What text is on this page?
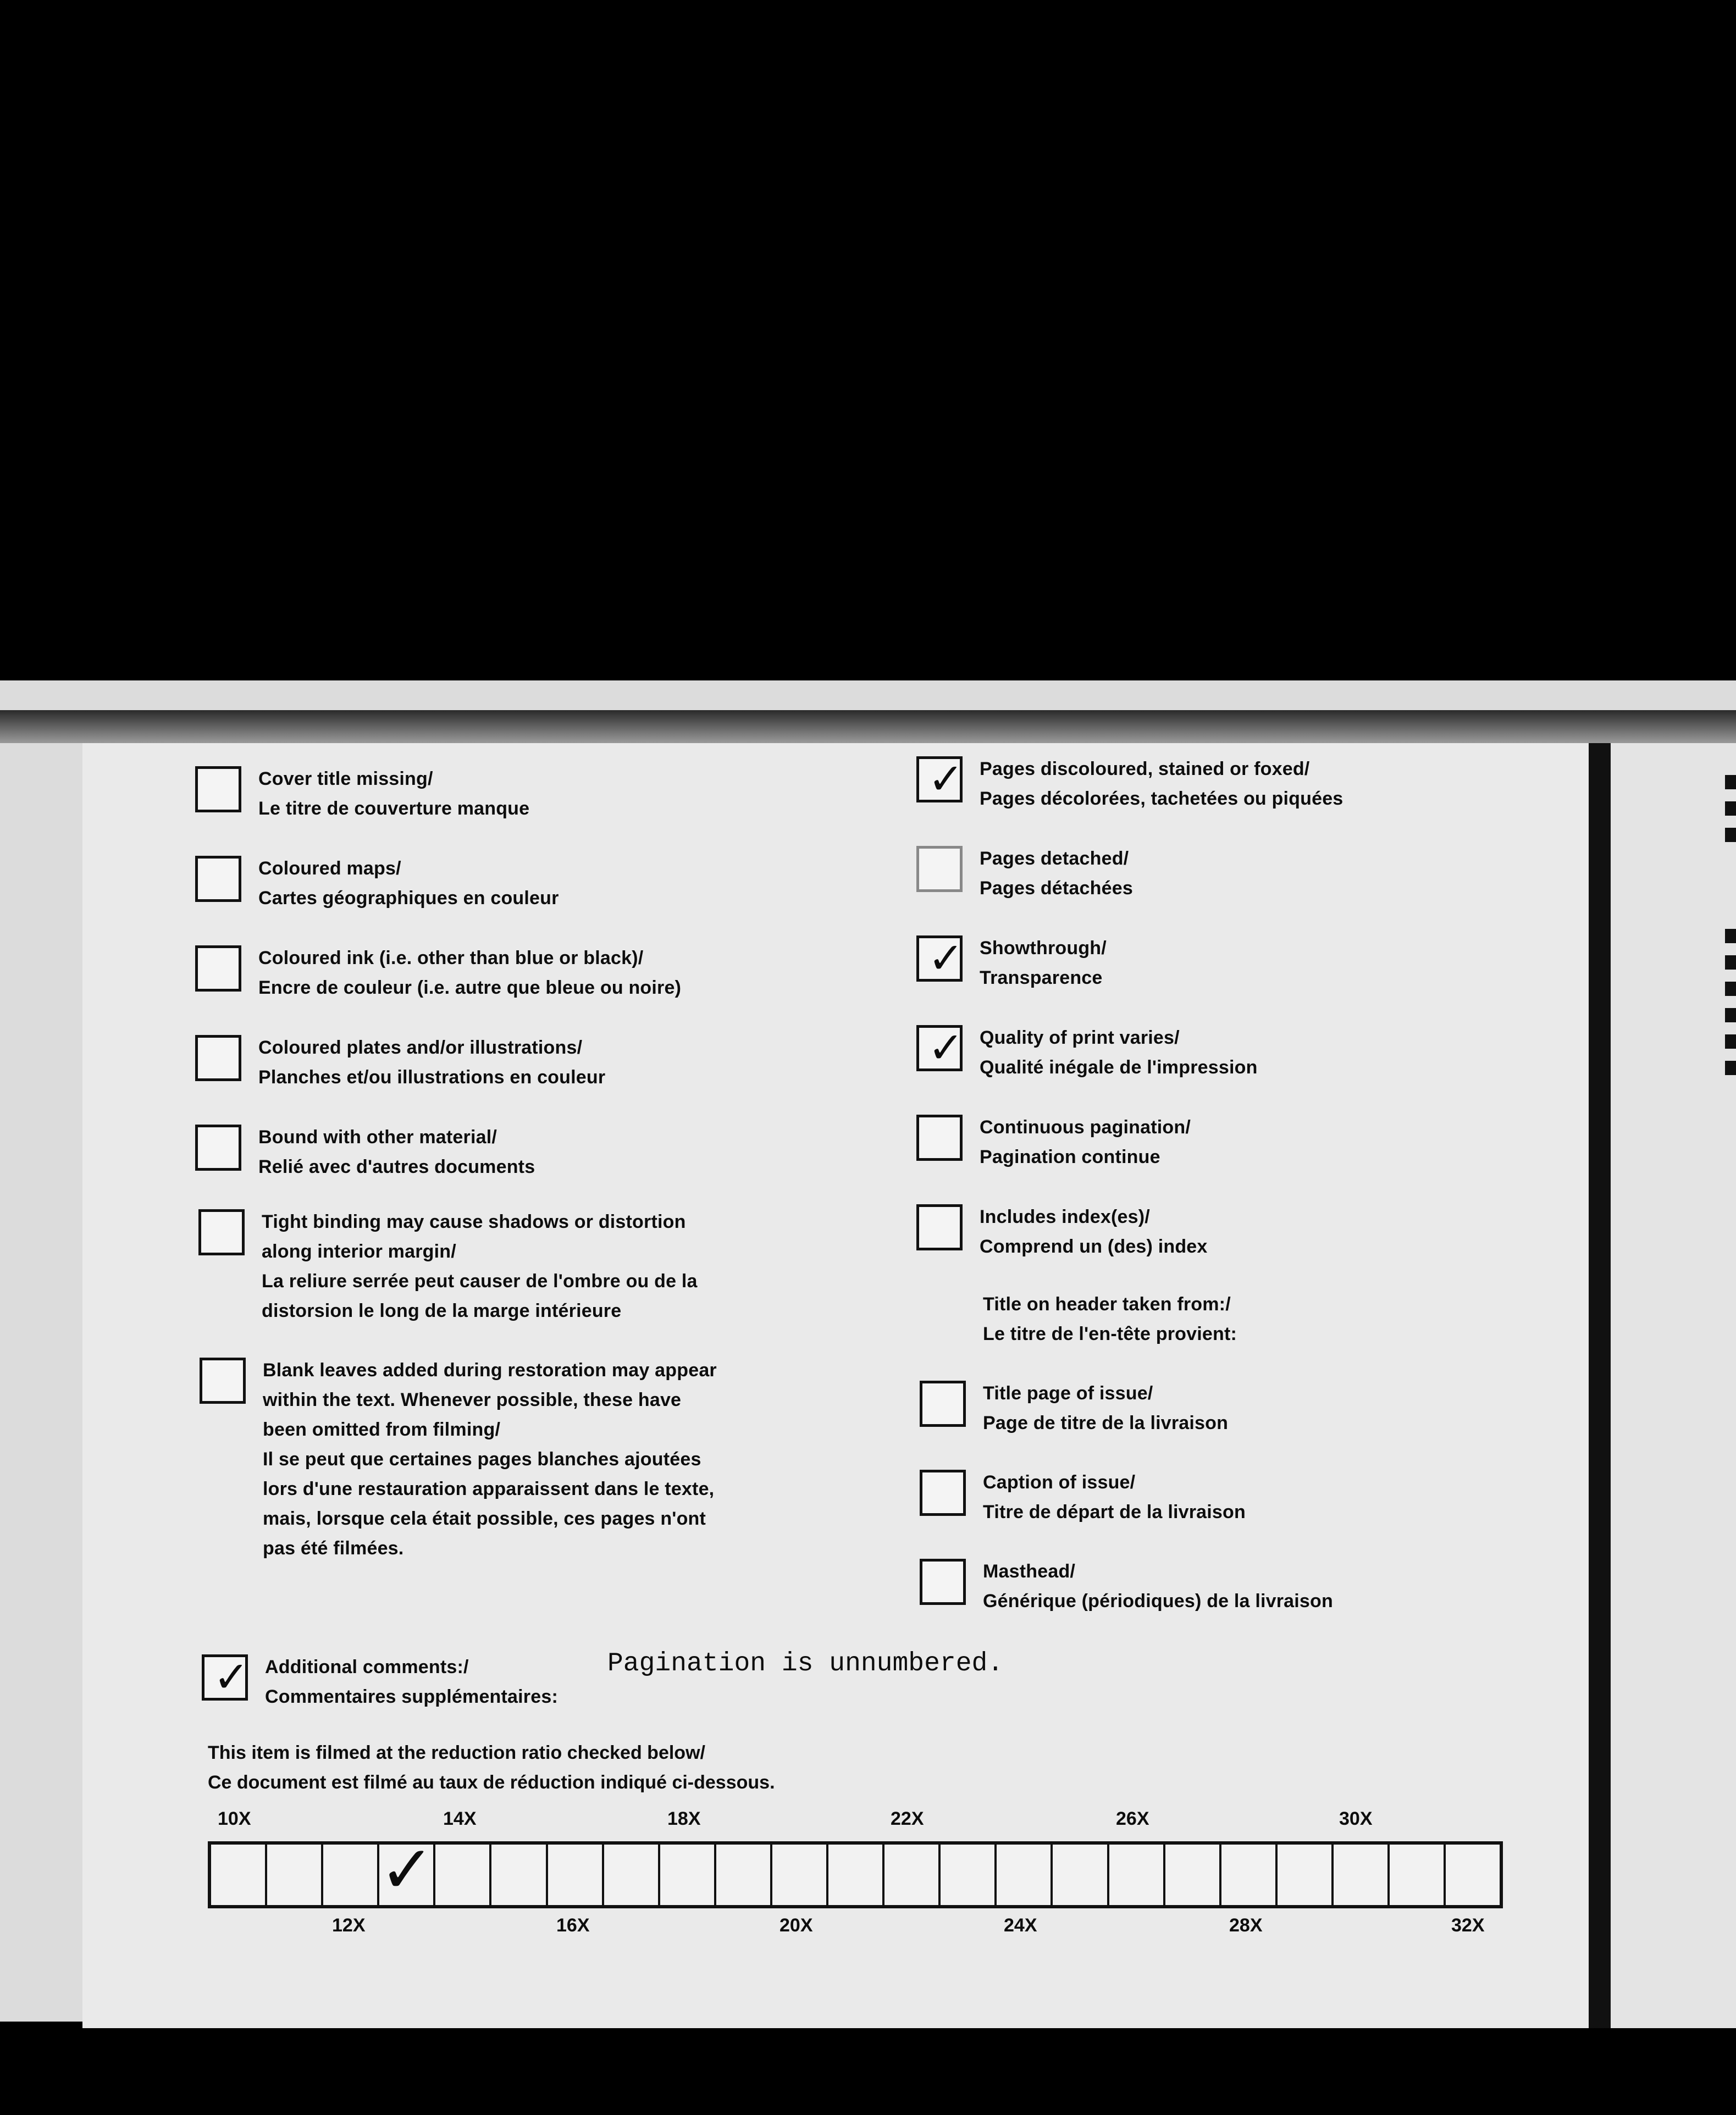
Cover title missing/
Le titre de couverture manque
Coloured maps/
Cartes géographiques en couleur
Coloured ink (i.e. other than blue or black)/
Encre de couleur (i.e. autre que bleue ou noire)
Coloured plates and/or illustrations/
Planches et/ou illustrations en couleur
Bound with other material/
Relié avec d'autres documents
Tight binding may cause shadows or distortion
along interior margin/
La reliure serrée peut causer de l'ombre ou de la
distorsion le long de la marge intérieure
Blank leaves added during restoration may appear
within the text. Whenever possible, these have
been omitted from filming/
Il se peut que certaines pages blanches ajoutées
lors d'une restauration apparaissent dans le texte,
mais, lorsque cela était possible, ces pages n'ont
pas été filmées.
✓ Pages discoloured, stained or foxed/
Pages décolorées, tachetées ou piquées
Pages detached/
Pages détachées
✓ Showthrough/
Transparence
✓ Quality of print varies/
Qualité inégale de l'impression
Continuous pagination/
Pagination continue
Includes index(es)/
Comprend un (des) index
Title on header taken from:/
Le titre de l'en-tête provient:
Title page of issue/
Page de titre de la livraison
Caption of issue/
Titre de départ de la livraison
Masthead/
Générique (périodiques) de la livraison
✓ Additional comments:/
Commentaires supplémentaires:
Pagination is unnumbered.
This item is filmed at the reduction ratio checked below/
Ce document est filmé au taux de réduction indiqué ci-dessous.
10X	14X	18X	22X	26X	30X
✓
12X	16X	20X	24X	28X	32X
